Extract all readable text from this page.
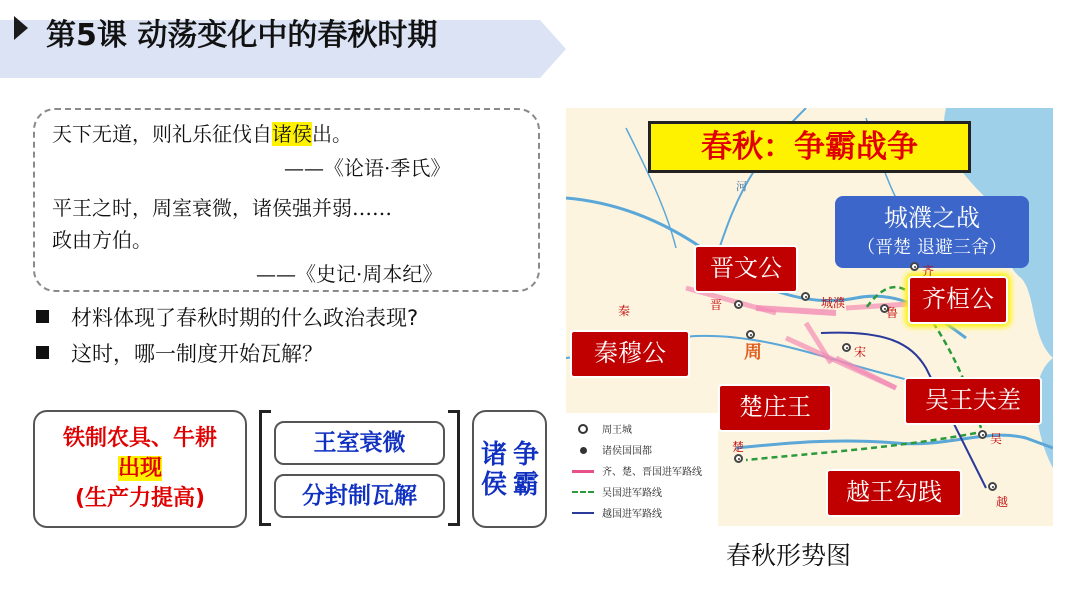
第5课 动荡变化中的春秋时期
天下无道，则礼乐征伐自诸侯出。
——《论语·季氏》
平王之时，周室衰微，诸侯强并弱……
政由方伯。
——《史记·周本纪》
材料体现了春秋时期的什么政治表现?
这时，哪一制度开始瓦解？
铁制农具、牛耕
出现
(生产力提高)
王室衰微
分封制瓦解
诸侯
争霸
春秋：争霸战争
城濮之战
（晋楚 退避三舍）
晋文公
齐桓公
秦穆公
楚庄王	吴王夫差
越王勾践
晋	城濮
鲁
齐
秦
周	宋
楚
吴
越
河
周王城
诸侯国国都
齐、楚、晋国进军路线
吴国进军路线
越国进军路线
春秋形势图
